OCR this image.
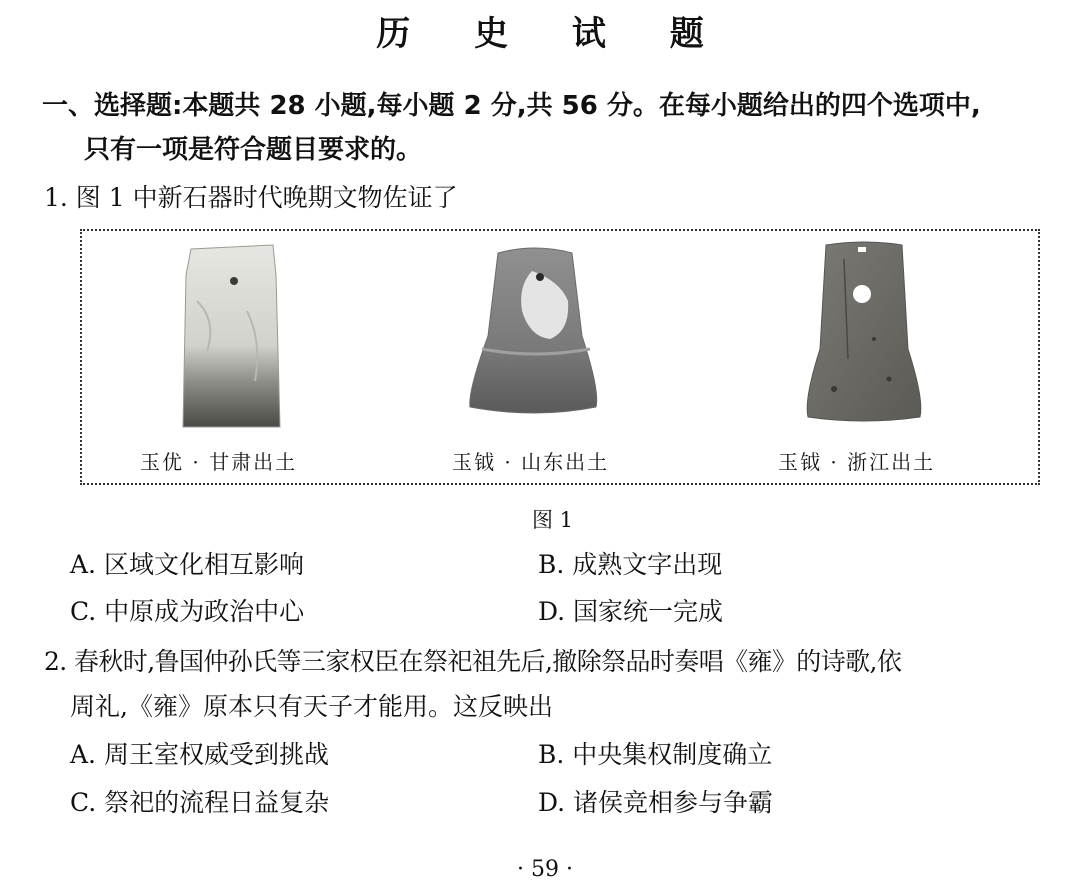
历 史 试 题
一、选择题:本题共 28 小题,每小题 2 分,共 56 分。在每小题给出的四个选项中,
只有一项是符合题目要求的。
1. 图 1 中新石器时代晚期文物佐证了
玉优 · 甘肃出土	玉钺 · 山东出土	玉钺 · 浙江出土
图 1
A. 区域文化相互影响	B. 成熟文字出现
C. 中原成为政治中心	D. 国家统一完成
2. 春秋时,鲁国仲孙氏等三家权臣在祭祀祖先后,撤除祭品时奏唱《雍》的诗歌,依
周礼,《雍》原本只有天子才能用。这反映出
A. 周王室权威受到挑战	B. 中央集权制度确立
C. 祭祀的流程日益复杂	D. 诸侯竞相参与争霸
· 59 ·
